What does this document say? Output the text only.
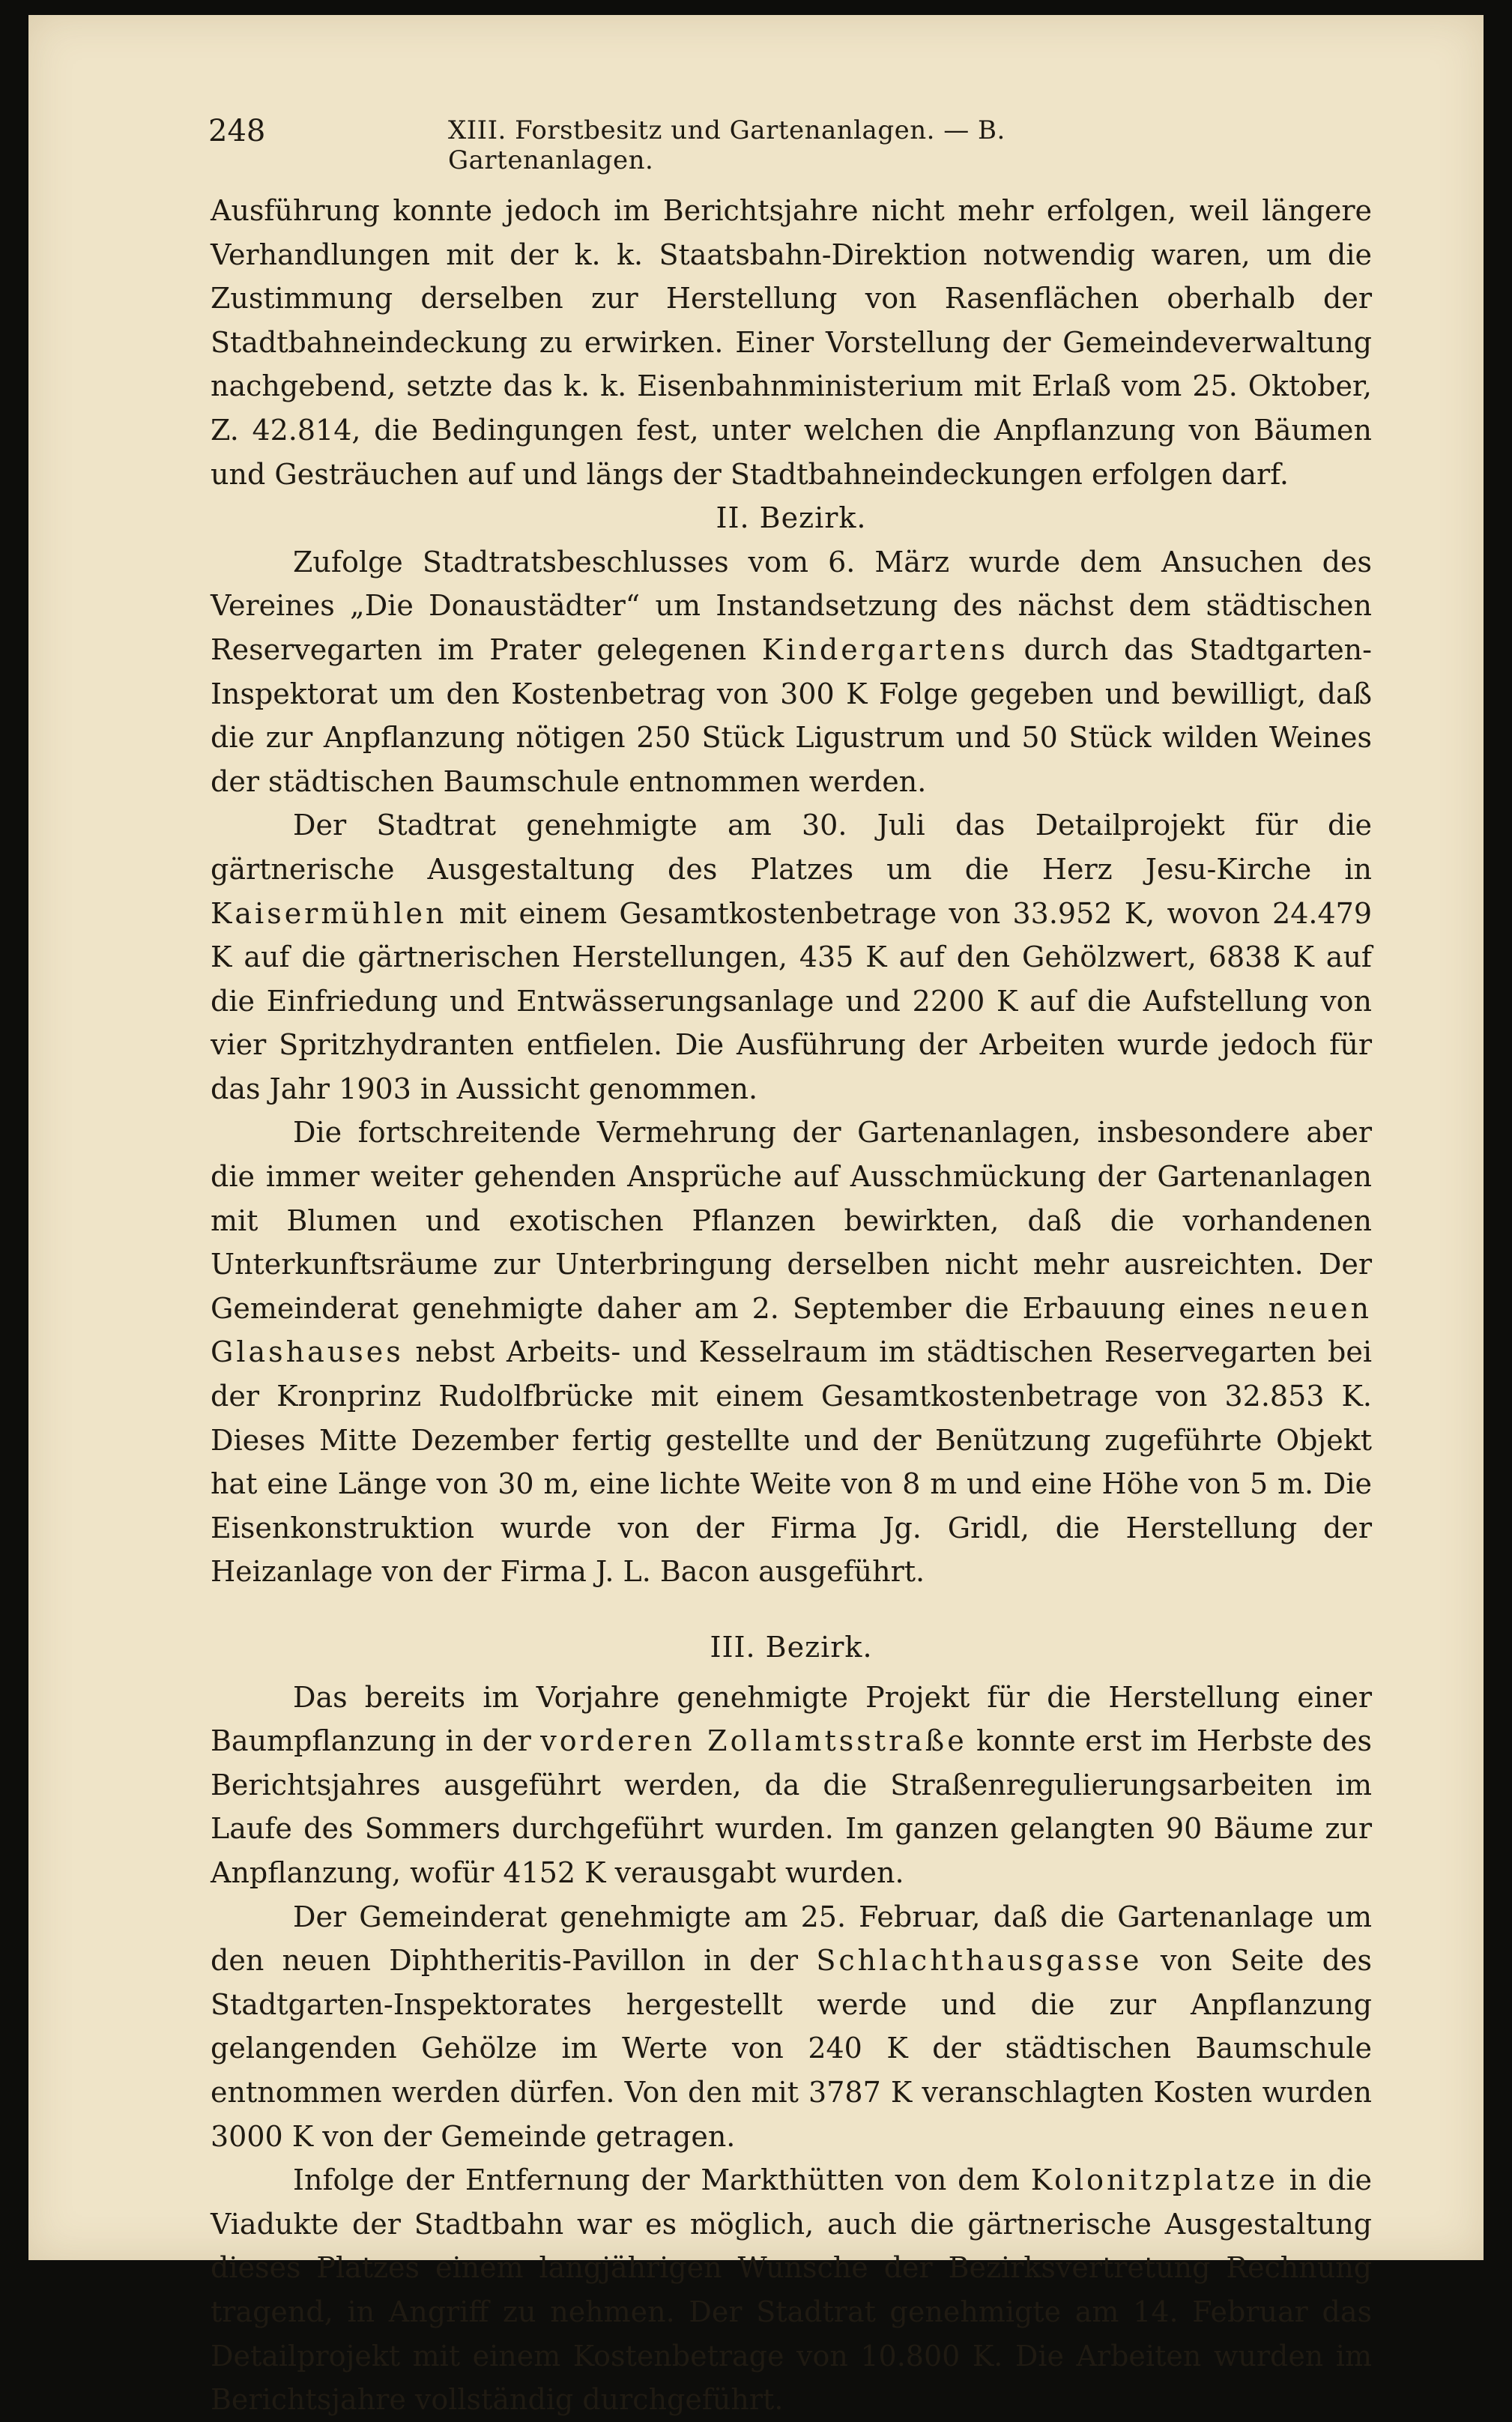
248	XIII. Forstbesitz und Gartenanlagen. — B. Gartenanlagen.

Ausführung konnte jedoch im Berichtsjahre nicht mehr erfolgen, weil längere Verhandlungen mit der k. k. Staatsbahn-Direktion notwendig waren, um die Zustimmung derselben zur Herstellung von Rasenflächen oberhalb der Stadtbahneindeckung zu erwirken. Einer Vorstellung der Gemeindeverwaltung nachgebend, setzte das k. k. Eisenbahnministerium mit Erlaß vom 25. Oktober, Z. 42.814, die Bedingungen fest, unter welchen die Anpflanzung von Bäumen und Gesträuchen auf und längs der Stadtbahneindeckungen erfolgen darf.

II. Bezirk.

Zufolge Stadtratsbeschlusses vom 6. März wurde dem Ansuchen des Vereines „Die Donaustädter“ um Instandsetzung des nächst dem städtischen Reservegarten im Prater gelegenen Kindergartens durch das Stadtgarten-Inspektorat um den Kostenbetrag von 300 K Folge gegeben und bewilligt, daß die zur Anpflanzung nötigen 250 Stück Ligustrum und 50 Stück wilden Weines der städtischen Baumschule entnommen werden.

Der Stadtrat genehmigte am 30. Juli das Detailprojekt für die gärtnerische Ausgestaltung des Platzes um die Herz Jesu-Kirche in Kaisermühlen mit einem Gesamtkostenbetrage von 33.952 K, wovon 24.479 K auf die gärtnerischen Herstellungen, 435 K auf den Gehölzwert, 6838 K auf die Einfriedung und Entwässerungsanlage und 2200 K auf die Aufstellung von vier Spritzhydranten entfielen. Die Ausführung der Arbeiten wurde jedoch für das Jahr 1903 in Aussicht genommen.

Die fortschreitende Vermehrung der Gartenanlagen, insbesondere aber die immer weiter gehenden Ansprüche auf Ausschmückung der Gartenanlagen mit Blumen und exotischen Pflanzen bewirkten, daß die vorhandenen Unterkunftsräume zur Unterbringung derselben nicht mehr ausreichten. Der Gemeinderat genehmigte daher am 2. September die Erbauung eines neuen Glashauses nebst Arbeits- und Kesselraum im städtischen Reservegarten bei der Kronprinz Rudolfbrücke mit einem Gesamtkostenbetrage von 32.853 K. Dieses Mitte Dezember fertig gestellte und der Benützung zugeführte Objekt hat eine Länge von 30 m, eine lichte Weite von 8 m und eine Höhe von 5 m. Die Eisenkonstruktion wurde von der Firma Jg. Gridl, die Herstellung der Heizanlage von der Firma J. L. Bacon ausgeführt.

III. Bezirk.

Das bereits im Vorjahre genehmigte Projekt für die Herstellung einer Baumpflanzung in der vorderen Zollamtsstraße konnte erst im Herbste des Berichtsjahres ausgeführt werden, da die Straßenregulierungsarbeiten im Laufe des Sommers durchgeführt wurden. Im ganzen gelangten 90 Bäume zur Anpflanzung, wofür 4152 K verausgabt wurden.

Der Gemeinderat genehmigte am 25. Februar, daß die Gartenanlage um den neuen Diphtheritis-Pavillon in der Schlachthausgasse von Seite des Stadtgarten-Inspektorates hergestellt werde und die zur Anpflanzung gelangenden Gehölze im Werte von 240 K der städtischen Baumschule entnommen werden dürfen. Von den mit 3787 K veranschlagten Kosten wurden 3000 K von der Gemeinde getragen.

Infolge der Entfernung der Markthütten von dem Kolonitzplatze in die Viadukte der Stadtbahn war es möglich, auch die gärtnerische Ausgestaltung dieses Platzes einem langjährigen Wunsche der Bezirksvertretung Rechnung tragend, in Angriff zu nehmen. Der Stadtrat genehmigte am 14. Februar das Detailprojekt mit einem Kostenbetrage von 10.800 K. Die Arbeiten wurden im Berichtsjahre vollständig durchgeführt.
